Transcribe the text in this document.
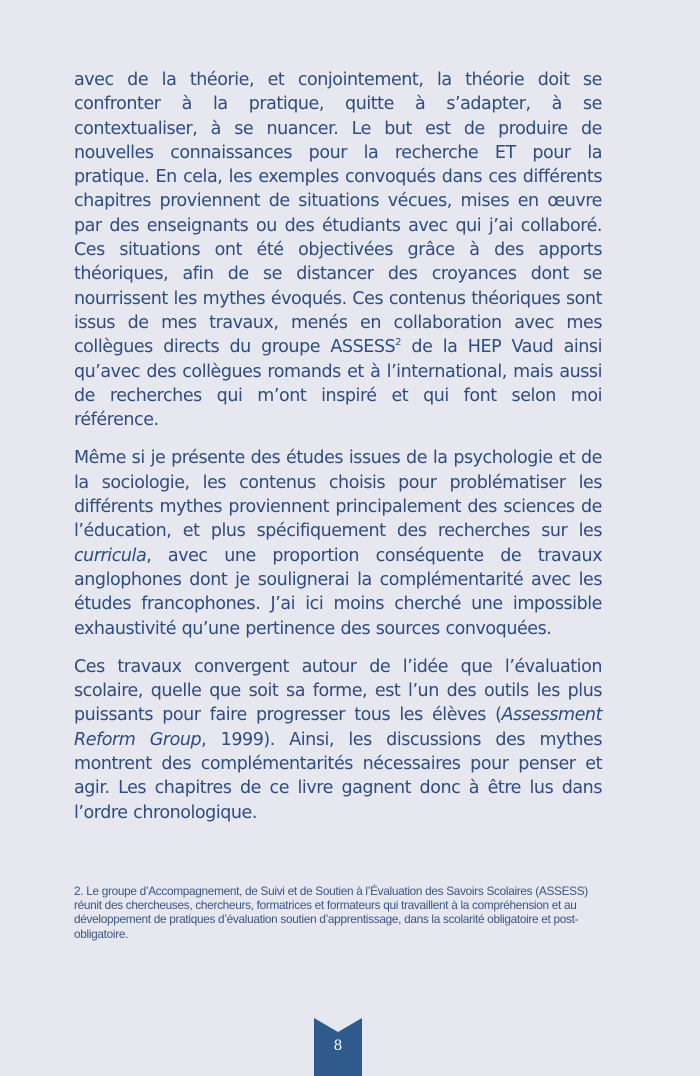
avec de la théorie, et conjointement, la théorie doit se confronter à la pratique, quitte à s’adapter, à se contextualiser, à se nuancer. Le but est de produire de nouvelles connaissances pour la recherche ET pour la pratique. En cela, les exemples convoqués dans ces différents chapitres proviennent de situations vécues, mises en œuvre par des enseignants ou des étudiants avec qui j’ai collaboré. Ces situations ont été objectivées grâce à des apports théoriques, afin de se distancer des croyances dont se nourrissent les mythes évoqués. Ces contenus théoriques sont issus de mes travaux, menés en collaboration avec mes collègues directs du groupe ASSESS$^2$ de la HEP Vaud ainsi qu’avec des collègues romands et à l’international, mais aussi de recherches qui m’ont inspiré et qui font selon moi référence.

Même si je présente des études issues de la psychologie et de la sociologie, les contenus choisis pour problématiser les différents mythes proviennent principalement des sciences de l’éducation, et plus spécifiquement des recherches sur les curricula, avec une proportion conséquente de travaux anglophones dont je soulignerai la complémentarité avec les études francophones. J’ai ici moins cherché une impossible exhaustivité qu’une pertinence des sources convoquées.

Ces travaux convergent autour de l’idée que l’évaluation scolaire, quelle que soit sa forme, est l’un des outils les plus puissants pour faire progresser tous les élèves (Assessment Reform Group, 1999). Ainsi, les discussions des mythes montrent des complémentarités nécessaires pour penser et agir. Les chapitres de ce livre gagnent donc à être lus dans l’ordre chronologique.

2. Le groupe d’Accompagnement, de Suivi et de Soutien à l’Évaluation des Savoirs Scolaires (ASSESS) réunit des chercheuses, chercheurs, formatrices et formateurs qui travaillent à la compréhension et au développement de pratiques d’évaluation soutien d’apprentissage, dans la scolarité obligatoire et post-obligatoire.
8
